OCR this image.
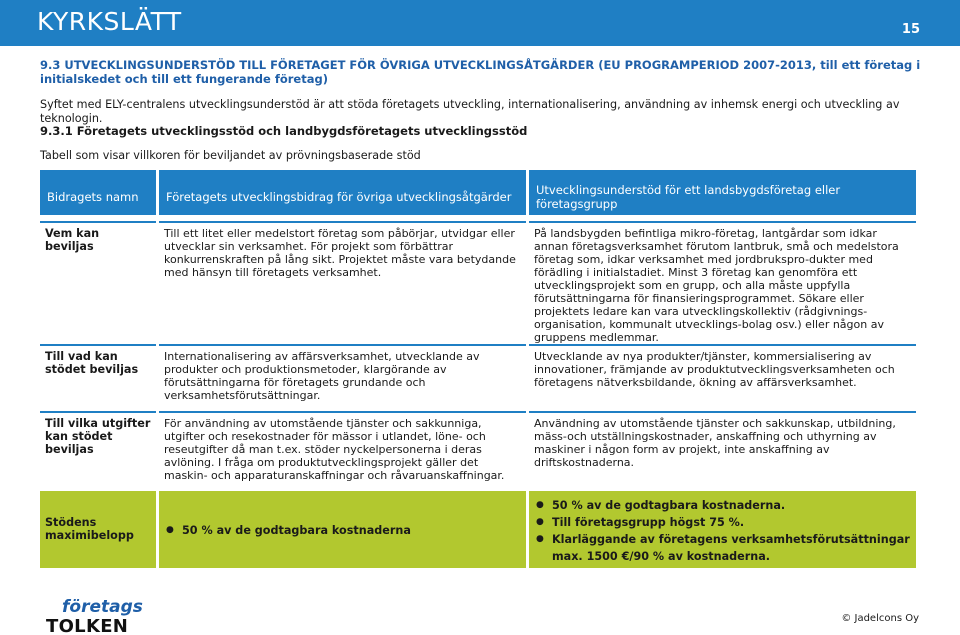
KYRKSLÄTT	15
9.3 UTVECKLINGSUNDERSTÖD TILL FÖRETAGET FÖR ÖVRIGA UTVECKLINGSÅTGÄRDER (EU PROGRAMPERIOD 2007-2013, till ett företag i initialskedet och till ett fungerande företag)
Syftet med ELY-centralens utvecklingsunderstöd är att stöda företagets utveckling, internationalisering, användning av inhemsk energi och utveckling av teknologin.
9.3.1 Företagets utvecklingsstöd och landbygdsföretagets utvecklingsstöd
Tabell som visar villkoren för beviljandet av prövningsbaserade stöd
Bidragets namn	Företagets utvecklingsbidrag för övriga utvecklingsåtgärder	Utvecklingsunderstöd för ett landsbygdsföretag eller företagsgrupp
Vem kan beviljas
Till ett litet eller medelstort företag som påbörjar, utvidgar eller utvecklar sin verksamhet. För projekt som förbättrar konkurrenskraften på lång sikt. Projektet måste vara betydande med hänsyn till företagets verksamhet.
På landsbygden befintliga mikro-företag, lantgårdar som idkar annan företagsverksamhet förutom lantbruk, små och medelstora företag som, idkar verksamhet med jordbrukspro-dukter med förädling i initialstadiet. Minst 3 företag kan genomföra ett utvecklingsprojekt som en grupp, och alla måste uppfylla förutsättningarna för finansieringsprogrammet. Sökare eller projektets ledare kan vara utvecklingskollektiv (rådgivnings-organisation, kommunalt utvecklings-bolag osv.) eller någon av gruppens medlemmar.
Till vad kan stödet beviljas
Internationalisering av affärsverksamhet, utvecklande av produkter och produktionsmetoder, klargörande av förutsättningarna för företagets grundande och verksamhetsförutsättningar.
Utvecklande av nya produkter/tjänster, kommersialisering av innovationer, främjande av produktutvecklingsverksamheten och företagens nätverksbildande, ökning av affärsverksamhet.
Till vilka utgifter kan stödet beviljas
För användning av utomstående tjänster och sakkunniga, utgifter och resekostnader för mässor i utlandet, löne- och reseutgifter då man t.ex. stöder nyckelpersonerna i deras avlöning. I fråga om produktutvecklingsprojekt gäller det maskin- och apparaturanskaffningar och råvaruanskaffningar.
Användning av utomstående tjänster och sakkunskap, utbildning, mäss-och utställningskostnader, anskaffning och uthyrning av maskiner i någon form av projekt, inte anskaffning av driftskostnaderna.
Stödens maximibelopp
●	50 % av de godtagbara kostnaderna
● 50 % av de godtagbara kostnaderna.
● Till företagsgrupp högst 75 %.
● Klarläggande av företagens verksamhetsförutsättningar max. 1500 €/90 % av kostnaderna.
företags
TOLKEN	© Jadelcons Oy
